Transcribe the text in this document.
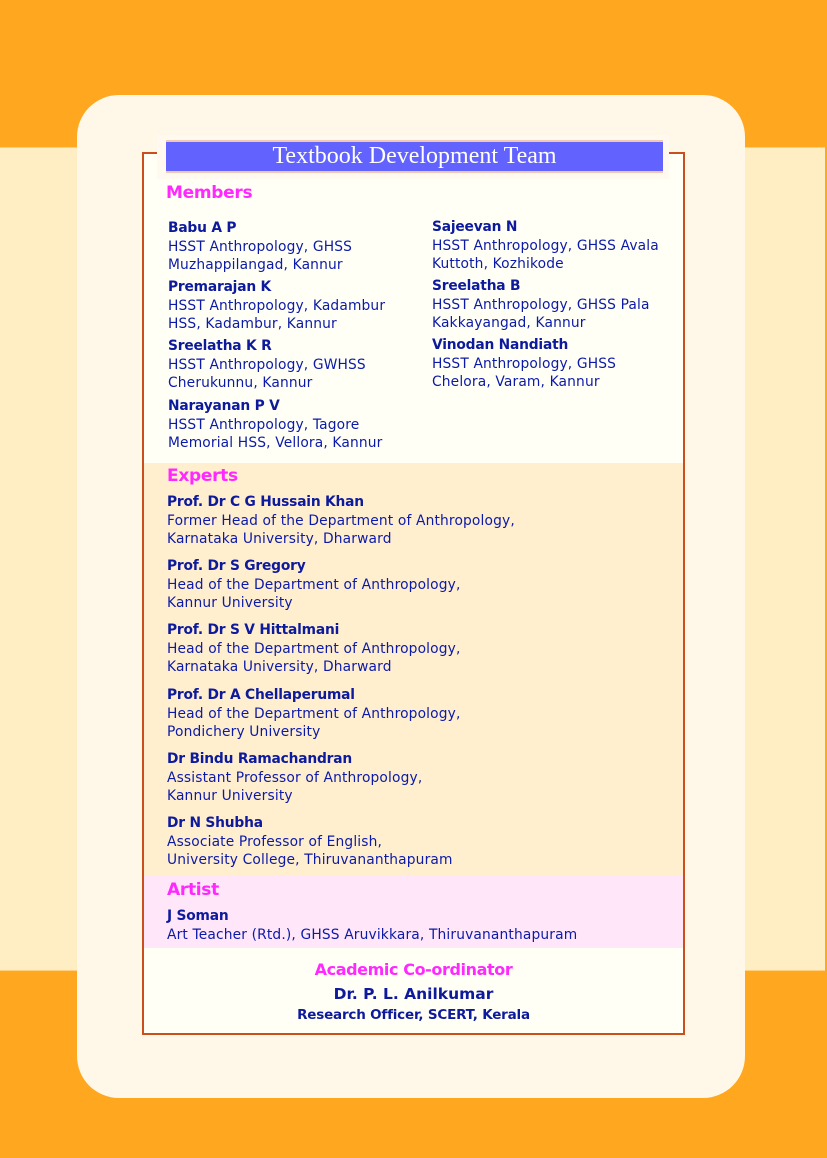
Textbook Development Team
Members
Babu A P
HSST Anthropology, GHSS
Muzhappilangad, Kannur
Premarajan K
HSST Anthropology, Kadambur
HSS, Kadambur, Kannur
Sreelatha K R
HSST Anthropology, GWHSS
Cherukunnu, Kannur
Narayanan P V
HSST Anthropology, Tagore
Memorial HSS, Vellora, Kannur
Sajeevan N
HSST Anthropology, GHSS Avala
Kuttoth, Kozhikode
Sreelatha B
HSST Anthropology, GHSS Pala
Kakkayangad, Kannur
Vinodan Nandiath
HSST Anthropology, GHSS
Chelora, Varam, Kannur
Experts
Prof. Dr C G Hussain Khan
Former Head of the Department of Anthropology,
Karnataka University, Dharward
Prof. Dr S Gregory
Head of the Department of Anthropology,
Kannur University
Prof. Dr S V Hittalmani
Head of the Department of Anthropology,
Karnataka University, Dharward
Prof. Dr A Chellaperumal
Head of the Department of Anthropology,
Pondichery University
Dr Bindu Ramachandran
Assistant Professor of Anthropology,
Kannur University
Dr N Shubha
Associate Professor of English,
University College, Thiruvananthapuram
Artist
J Soman
Art Teacher (Rtd.), GHSS Aruvikkara, Thiruvananthapuram
Academic Co-ordinator
Dr. P. L. Anilkumar
Research Officer, SCERT, Kerala
